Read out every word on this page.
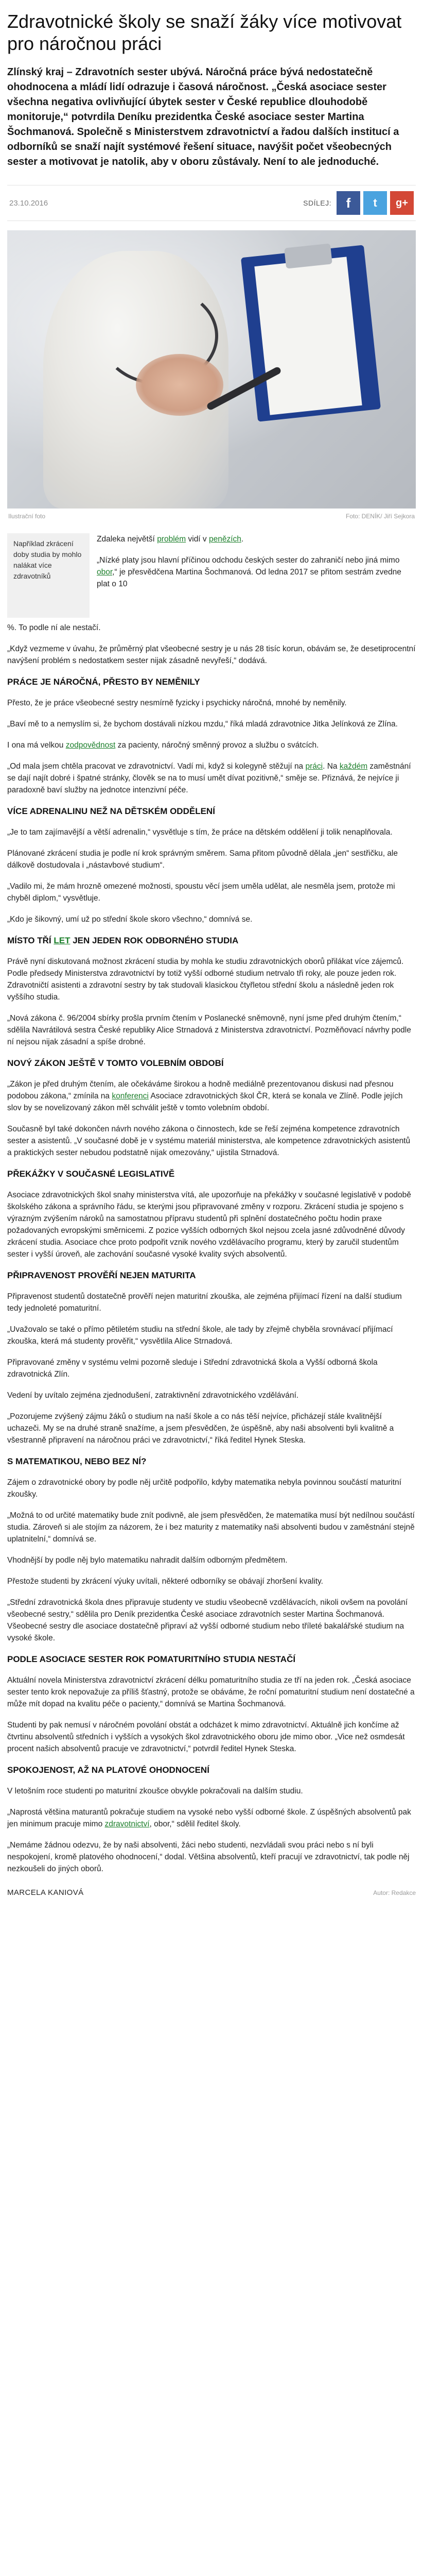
Zdravotnické školy se snaží žáky více motivovat pro náročnou práci
Zlínský kraj – Zdravotních sester ubývá. Náročná práce bývá nedostatečně ohodnocena a mládí lidí odrazuje i časová náročnost. „Česká asociace sester všechna negativa ovlivňující úbytek sester v České republice dlouhodobě monitoruje,“ potvrdila Deníku prezidentka České asociace sester Martina Šochmanová. Společně s Ministerstvem zdravotnictví a řadou dalších institucí a odborníků se snaží najít systémové řešení situace, navýšit počet všeobecných sester a motivovat je natolik, aby v oboru zůstávaly. Není to ale jednoduché.
23.10.2016	SDÍLEJ: f t g+
Ilustrační foto	Foto: DENÍK/ Jiří Sejkora
Například zkrácení doby studia by mohlo nalákat více zdravotníků

Zdaleka největší problém vidí v penězích.

„Nízké platy jsou hlavní příčinou odchodu českých sester do zahraničí nebo jiná mimo obor,“ je přesvědčena Martina Šochmanová. Od ledna 2017 se přitom sestrám zvedne plat o 10

%. To podle ní ale nestačí.

„Když vezmeme v úvahu, že průměrný plat všeobecné sestry je u nás 28 tisíc korun, obávám se, že desetiprocentní navýšení problém s nedostatkem sester nijak zásadně nevyřeší,“ dodává.

PRÁCE JE NÁROČNÁ, PŘESTO BY NEMĚNILY

Přesto, že je práce všeobecné sestry nesmírně fyzicky i psychicky náročná, mnohé by neměnily.

„Baví mě to a nemyslím si, že bychom dostávali nízkou mzdu,“ říká mladá zdravotnice Jitka Jelínková ze Zlína.

I ona má velkou zodpovědnost za pacienty, náročný směnný provoz a službu o svátcích.

„Od mala jsem chtěla pracovat ve zdravotnictví. Vadí mi, když si kolegyně stěžují na práci. Na každém zaměstnání se dají najít dobré i špatné stránky, člověk se na to musí umět dívat pozitivně,“ směje se. Přiznává, že nejvíce ji paradoxně baví služby na jednotce intenzivní péče.

VÍCE ADRENALINU NEŽ NA DĚTSKÉM ODDĚLENÍ

„Je to tam zajímavější a větší adrenalin,“ vysvětluje s tím, že práce na dětském oddělení ji tolik nenaplňovala.

Plánované zkrácení studia je podle ní krok správným směrem. Sama přitom původně dělala „jen“ sestřičku, ale dálkově dostudovala i „nástavbové studium“.

„Vadilo mi, že mám hrozně omezené možnosti, spoustu věcí jsem uměla udělat, ale nesměla jsem, protože mi chyběl diplom,“ vysvětluje.

„Kdo je šikovný, umí už po střední škole skoro všechno,“ domnívá se.

MÍSTO TŘÍ LET JEN JEDEN ROK ODBORNÉHO STUDIA

Právě nyní diskutovaná možnost zkrácení studia by mohla ke studiu zdravotnických oborů přilákat více zájemců. Podle předsedy Ministerstva zdravotnictví by totiž vyšší odborné studium netrvalo tři roky, ale pouze jeden rok. Zdravotničtí asistenti a zdravotní sestry by tak studovali klasickou čtyřletou střední školu a následně jeden rok vyššího studia.

„Nová zákona č. 96/2004 sbírky prošla prvním čtením v Poslanecké sněmovně, nyní jsme před druhým čtením,“ sdělila Navrátilová sestra České republiky Alice Strnadová z Ministerstva zdravotnictví. Pozměňovací návrhy podle ní nejsou nijak zásadní a spíše drobné.

NOVÝ ZÁKON JEŠTĚ V TOMTO VOLEBNÍM OBDOBÍ

„Zákon je před druhým čtením, ale očekáváme širokou a hodně mediálně prezentovanou diskusi nad přesnou podobou zákona,“ zmínila na konferenci Asociace zdravotnických škol ČR, která se konala ve Zlíně. Podle jejích slov by se novelizovaný zákon měl schválit ještě v tomto volebním období.

Současně byl také dokončen návrh nového zákona o činnostech, kde se řeší zejména kompetence zdravotních sester a asistentů. „V současné době je v systému materiál ministerstva, ale kompetence zdravotnických asistentů a praktických sester nebudou podstatně nijak omezovány,“ ujistila Strnadová.

PŘEKÁŽKY V SOUČASNÉ LEGISLATIVĚ

Asociace zdravotnických škol snahy ministerstva vítá, ale upozorňuje na překážky v současné legislativě v podobě školského zákona a správního řádu, se kterými jsou připravované změny v rozporu. Zkrácení studia je spojeno s výrazným zvýšením nároků na samostatnou přípravu studentů při splnění dostatečného počtu hodin praxe požadovaných evropskými směrnicemi. Z pozice vyšších odborných škol nejsou zcela jasné zdůvodněné důvody zkrácení studia. Asociace chce proto podpořit vznik nového vzdělávacího programu, který by zaručil studentům sester i vyšší úroveň, ale zachování současné vysoké kvality svých absolventů.

PŘIPRAVENOST PROVĚŘÍ NEJEN MATURITA

Připravenost studentů dostatečně prověří nejen maturitní zkouška, ale zejména přijímací řízení na další studium tedy jednoleté pomaturitní.

„Uvažovalo se také o přímo pětiletém studiu na střední škole, ale tady by zřejmě chyběla srovnávací přijímací zkouška, která má studenty prověřit,“ vysvětlila Alice Strnadová.

Připravované změny v systému velmi pozorně sleduje i Střední zdravotnická škola a Vyšší odborná škola zdravotnická Zlín.

Vedení by uvítalo zejména zjednodušení, zatraktivnění zdravotnického vzdělávání.

„Pozorujeme zvýšený zájmu žáků o studium na naší škole a co nás těší nejvíce, přicházejí stále kvalitnější uchazeči. My se na druhé straně snažíme, a jsem přesvědčen, že úspěšně, aby naši absolventi byli kvalitně a všestranně připravení na náročnou práci ve zdravotnictví,“ říká ředitel Hynek Steska.

S MATEMATIKOU, NEBO BEZ NÍ?

Zájem o zdravotnické obory by podle něj určitě podpořilo, kdyby matematika nebyla povinnou součástí maturitní zkoušky.

„Možná to od určité matematiky bude znít podivně, ale jsem přesvědčen, že matematika musí být nedílnou součástí studia. Zároveň si ale stojím za názorem, že i bez maturity z matematiky naši absolventi budou v zaměstnání stejně uplatnitelní,“ domnívá se.

Vhodnější by podle něj bylo matematiku nahradit dalším odborným předmětem.

Přestože studenti by zkrácení výuky uvítali, některé odborníky se obávají zhoršení kvality.

„Střední zdravotnická škola dnes připravuje studenty ve studiu všeobecně vzdělávacích, nikoli ovšem na povolání všeobecné sestry,“ sdělila pro Deník prezidentka České asociace zdravotních sester Martina Šochmanová. Všeobecné sestry dle asociace dostatečně připraví až vyšší odborné studium nebo tříleté bakalářské studium na vysoké škole.

PODLE ASOCIACE SESTER ROK POMATURITNÍHO STUDIA NESTAČÍ

Aktuální novela Ministerstva zdravotnictví zkrácení délku pomaturitního studia ze tří na jeden rok. „Česká asociace sester tento krok nepovažuje za příliš šťastný, protože se obáváme, že roční pomaturitní studium není dostatečné a může mít dopad na kvalitu péče o pacienty,“ domnívá se Martina Šochmanová.

Studenti by pak nemusí v náročném povolání obstát a odcházet k mimo zdravotnictví. Aktuálně jich končíme až čtvrtinu absolventů středních i vyšších a vysokých škol zdravotnického oboru jde mimo obor. „Vice než osmdesát procent našich absolventů pracuje ve zdravotnictví,“ potvrdil ředitel Hynek Steska.

SPOKOJENOST, AŽ NA PLATOVÉ OHODNOCENÍ

V letošním roce studenti po maturitní zkoušce obvykle pokračovali na dalším studiu.

„Naprostá většina maturantů pokračuje studiem na vysoké nebo vyšší odborné škole. Z úspěšných absolventů pak jen minimum pracuje mimo zdravotnictví, obor,“ sdělil ředitel školy.

„Nemáme žádnou odezvu, že by naši absolventi, žáci nebo studenti, nezvládali svou práci nebo s ní byli nespokojení, kromě platového ohodnocení,“ dodal. Většina absolventů, kteří pracují ve zdravotnictví, tak podle něj nezkoušeli do jiných oborů.

MARCELA KANIOVÁ	Autor: Redakce
